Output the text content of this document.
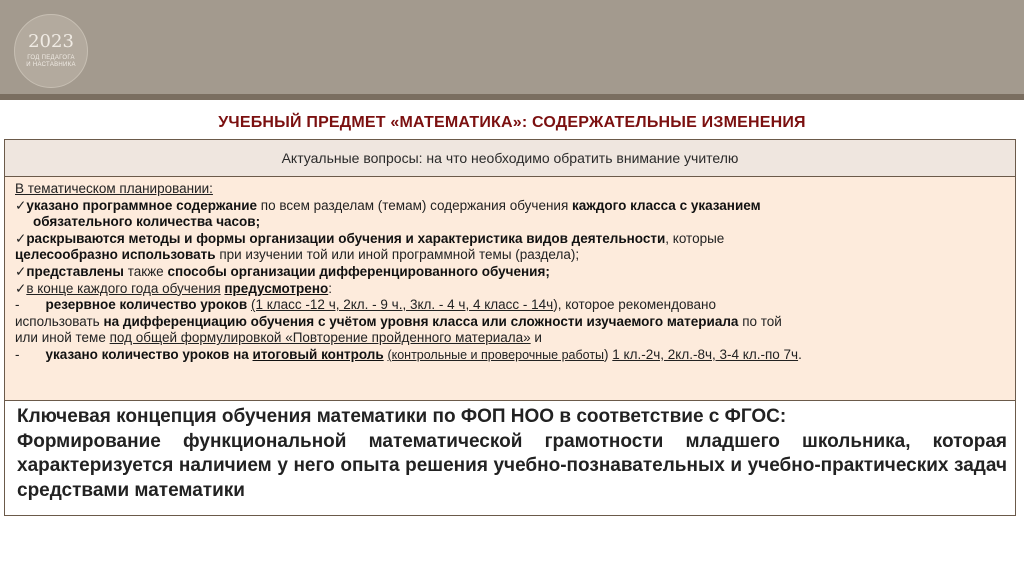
2023
ГОД ПЕДАГОГА
И НАСТАВНИКА
УЧЕБНЫЙ ПРЕДМЕТ «МАТЕМАТИКА»: СОДЕРЖАТЕЛЬНЫЕ ИЗМЕНЕНИЯ
Актуальные вопросы: на что необходимо обратить внимание учителю

В тематическом планировании:

✓указано программное содержание по всем разделам (темам) содержания обучения каждого класса с указанием

обязательного количества часов;

✓раскрываются методы и формы организации обучения и характеристика видов деятельности, которые

целесообразно использовать при изучении той или иной программной темы (раздела);

✓представлены также способы организации дифференцированного обучения;

✓в конце каждого года обучения предусмотрено:

- резервное количество уроков (1 класс -12 ч, 2кл. - 9 ч., 3кл. - 4 ч, 4 класс - 14ч), которое рекомендовано

использовать на дифференциацию обучения с учётом уровня класса или сложности изучаемого материала по той

или иной теме под общей формулировкой «Повторение пройденного материала» и

- указано количество уроков на итоговый контроль (контрольные и проверочные работы) 1 кл.-2ч, 2кл.-8ч, 3-4 кл.-по 7ч.

Ключевая концепция обучения математики по ФОП НОО в соответствие с ФГОС:

Формирование функциональной математической грамотности младшего школьника, которая характеризуется наличием у него опыта решения учебно-познавательных и учебно-практических задач средствами математики
